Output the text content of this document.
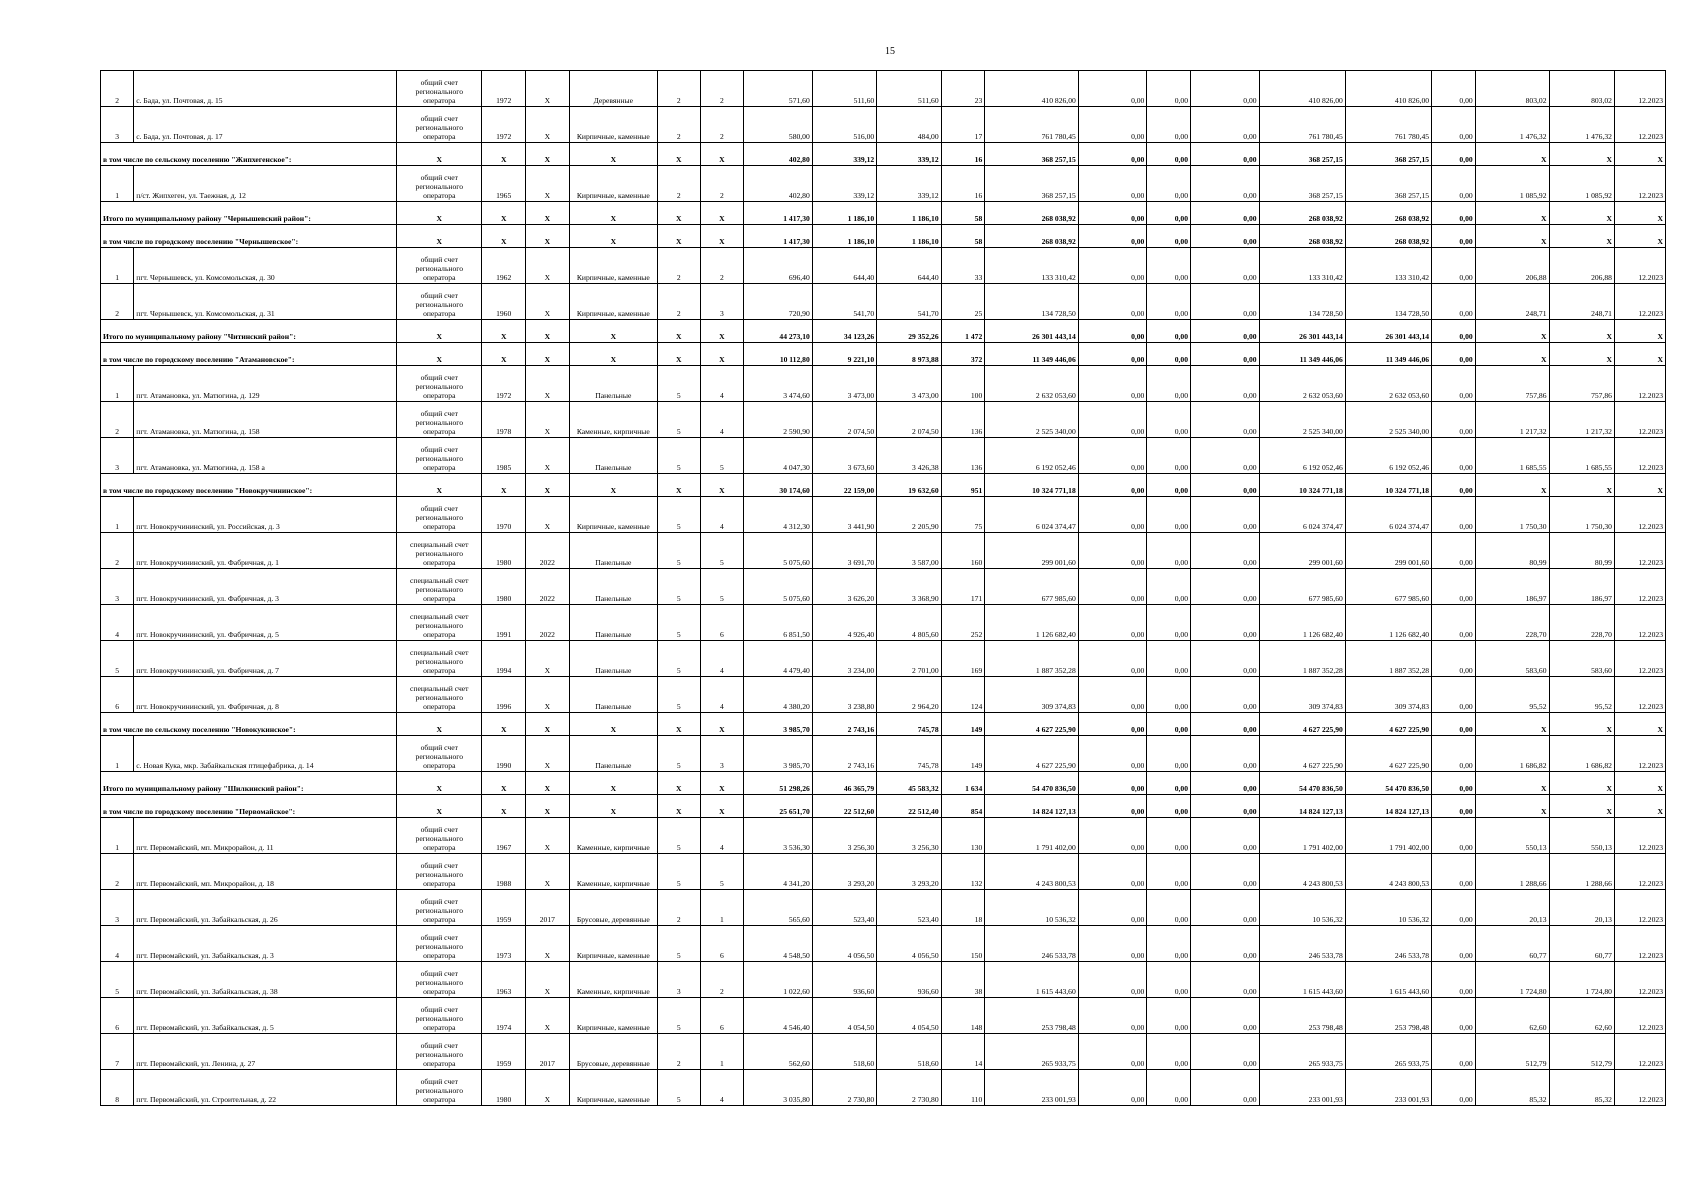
15
2	с. Бада, ул. Почтовая, д. 15	общий счет регионального оператора	1972	Х	Деревянные	2	2	571,60	511,60	511,60	23	410 826,00	0,00	0,00	0,00	410 826,00	410 826,00	0,00	803,02	803,02	12.2023
3	с. Бада, ул. Почтовая, д. 17	общий счет регионального оператора	1972	Х	Кирпичные, каменные	2	2	580,00	516,00	484,00	17	761 780,45	0,00	0,00	0,00	761 780,45	761 780,45	0,00	1 476,32	1 476,32	12.2023
в том числе по сельскому поселению "Жипхегенское":		Х	Х	Х	Х	Х	Х	402,80	339,12	339,12	16	368 257,15	0,00	0,00	0,00	368 257,15	368 257,15	0,00	Х	Х	Х
1	п/ст. Жипхеген, ул. Таежная, д. 12	общий счет регионального оператора	1965	Х	Кирпичные, каменные	2	2	402,80	339,12	339,12	16	368 257,15	0,00	0,00	0,00	368 257,15	368 257,15	0,00	1 085,92	1 085,92	12.2023
Итого по муниципальному району "Чернышевский район":		Х	Х	Х	Х	Х	Х	1 417,30	1 186,10	1 186,10	58	268 038,92	0,00	0,00	0,00	268 038,92	268 038,92	0,00	Х	Х	Х
в том числе по городскому поселению "Чернышевское":		Х	Х	Х	Х	Х	Х	1 417,30	1 186,10	1 186,10	58	268 038,92	0,00	0,00	0,00	268 038,92	268 038,92	0,00	Х	Х	Х
1	пгт. Чернышевск, ул. Комсомольская, д. 30	общий счет регионального оператора	1962	Х	Кирпичные, каменные	2	2	696,40	644,40	644,40	33	133 310,42	0,00	0,00	0,00	133 310,42	133 310,42	0,00	206,88	206,88	12.2023
2	пгт. Чернышевск, ул. Комсомольская, д. 31	общий счет регионального оператора	1960	Х	Кирпичные, каменные	2	3	720,90	541,70	541,70	25	134 728,50	0,00	0,00	0,00	134 728,50	134 728,50	0,00	248,71	248,71	12.2023
Итого по муниципальному району "Читинский район":		Х	Х	Х	Х	Х	Х	44 273,10	34 123,26	29 352,26	1 472	26 301 443,14	0,00	0,00	0,00	26 301 443,14	26 301 443,14	0,00	Х	Х	Х
в том числе по городскому поселению "Атамановское":		Х	Х	Х	Х	Х	Х	10 112,80	9 221,10	8 973,88	372	11 349 446,06	0,00	0,00	0,00	11 349 446,06	11 349 446,06	0,00	Х	Х	Х
1	пгт. Атамановка, ул. Матюгина, д. 129	общий счет регионального оператора	1972	Х	Панельные	5	4	3 474,60	3 473,00	3 473,00	100	2 632 053,60	0,00	0,00	0,00	2 632 053,60	2 632 053,60	0,00	757,86	757,86	12.2023
2	пгт. Атамановка, ул. Матюгина, д. 158	общий счет регионального оператора	1978	Х	Каменные, кирпичные	5	4	2 590,90	2 074,50	2 074,50	136	2 525 340,00	0,00	0,00	0,00	2 525 340,00	2 525 340,00	0,00	1 217,32	1 217,32	12.2023
3	пгт. Атамановка, ул. Матюгина, д. 158 а	общий счет регионального оператора	1985	Х	Панельные	5	5	4 047,30	3 673,60	3 426,38	136	6 192 052,46	0,00	0,00	0,00	6 192 052,46	6 192 052,46	0,00	1 685,55	1 685,55	12.2023
в том числе по городскому поселению "Новокручининское":		Х	Х	Х	Х	Х	Х	30 174,60	22 159,00	19 632,60	951	10 324 771,18	0,00	0,00	0,00	10 324 771,18	10 324 771,18	0,00	Х	Х	Х
1	пгт. Новокручининский, ул. Российская, д. 3	общий счет регионального оператора	1970	Х	Кирпичные, каменные	5	4	4 312,30	3 441,90	2 205,90	75	6 024 374,47	0,00	0,00	0,00	6 024 374,47	6 024 374,47	0,00	1 750,30	1 750,30	12.2023
2	пгт. Новокручининский, ул. Фабричная, д. 1	специальный счет регионального оператора	1980	2022	Панельные	5	5	5 075,60	3 691,70	3 587,00	160	299 001,60	0,00	0,00	0,00	299 001,60	299 001,60	0,00	80,99	80,99	12.2023
3	пгт. Новокручининский, ул. Фабричная, д. 3	специальный счет регионального оператора	1980	2022	Панельные	5	5	5 075,60	3 626,20	3 368,90	171	677 985,60	0,00	0,00	0,00	677 985,60	677 985,60	0,00	186,97	186,97	12.2023
4	пгт. Новокручининский, ул. Фабричная, д. 5	специальный счет регионального оператора	1991	2022	Панельные	5	6	6 851,50	4 926,40	4 805,60	252	1 126 682,40	0,00	0,00	0,00	1 126 682,40	1 126 682,40	0,00	228,70	228,70	12.2023
5	пгт. Новокручининский, ул. Фабричная, д. 7	специальный счет регионального оператора	1994	Х	Панельные	5	4	4 479,40	3 234,00	2 701,00	169	1 887 352,28	0,00	0,00	0,00	1 887 352,28	1 887 352,28	0,00	583,60	583,60	12.2023
6	пгт. Новокручининский, ул. Фабричная, д. 8	специальный счет регионального оператора	1996	Х	Панельные	5	4	4 380,20	3 238,80	2 964,20	124	309 374,83	0,00	0,00	0,00	309 374,83	309 374,83	0,00	95,52	95,52	12.2023
в том числе по сельскому поселению "Новокукинское":		Х	Х	Х	Х	Х	Х	3 985,70	2 743,16	745,78	149	4 627 225,90	0,00	0,00	0,00	4 627 225,90	4 627 225,90	0,00	Х	Х	Х
1	с. Новая Кука, мкр. Забайкальская птицефабрика, д. 14	общий счет регионального оператора	1990	Х	Панельные	5	3	3 985,70	2 743,16	745,78	149	4 627 225,90	0,00	0,00	0,00	4 627 225,90	4 627 225,90	0,00	1 686,82	1 686,82	12.2023
Итого по муниципальному району "Шилкинский район":		Х	Х	Х	Х	Х	Х	51 298,26	46 365,79	45 583,32	1 634	54 470 836,50	0,00	0,00	0,00	54 470 836,50	54 470 836,50	0,00	Х	Х	Х
в том числе по городскому поселению "Первомайское":		Х	Х	Х	Х	Х	Х	25 651,70	22 512,60	22 512,40	854	14 824 127,13	0,00	0,00	0,00	14 824 127,13	14 824 127,13	0,00	Х	Х	Х
1	пгт. Первомайский, мп. Микрорайон, д. 11	общий счет регионального оператора	1967	Х	Каменные, кирпичные	5	4	3 536,30	3 256,30	3 256,30	130	1 791 402,00	0,00	0,00	0,00	1 791 402,00	1 791 402,00	0,00	550,13	550,13	12.2023
2	пгт. Первомайский, мп. Микрорайон, д. 18	общий счет регионального оператора	1988	Х	Каменные, кирпичные	5	5	4 341,20	3 293,20	3 293,20	132	4 243 800,53	0,00	0,00	0,00	4 243 800,53	4 243 800,53	0,00	1 288,66	1 288,66	12.2023
3	пгт. Первомайский, ул. Забайкальская, д. 26	общий счет регионального оператора	1959	2017	Брусовые, деревянные	2	1	565,60	523,40	523,40	18	10 536,32	0,00	0,00	0,00	10 536,32	10 536,32	0,00	20,13	20,13	12.2023
4	пгт. Первомайский, ул. Забайкальская, д. 3	общий счет регионального оператора	1973	Х	Кирпичные, каменные	5	6	4 548,50	4 056,50	4 056,50	150	246 533,78	0,00	0,00	0,00	246 533,78	246 533,78	0,00	60,77	60,77	12.2023
5	пгт. Первомайский, ул. Забайкальская, д. 38	общий счет регионального оператора	1963	Х	Каменные, кирпичные	3	2	1 022,60	936,60	936,60	38	1 615 443,60	0,00	0,00	0,00	1 615 443,60	1 615 443,60	0,00	1 724,80	1 724,80	12.2023
6	пгт. Первомайский, ул. Забайкальская, д. 5	общий счет регионального оператора	1974	Х	Кирпичные, каменные	5	6	4 546,40	4 054,50	4 054,50	148	253 798,48	0,00	0,00	0,00	253 798,48	253 798,48	0,00	62,60	62,60	12.2023
7	пгт. Первомайский, ул. Ленина, д. 27	общий счет регионального оператора	1959	2017	Брусовые, деревянные	2	1	562,60	518,60	518,60	14	265 933,75	0,00	0,00	0,00	265 933,75	265 933,75	0,00	512,79	512,79	12.2023
8	пгт. Первомайский, ул. Строительная, д. 22	общий счет регионального оператора	1980	Х	Кирпичные, каменные	5	4	3 035,80	2 730,80	2 730,80	110	233 001,93	0,00	0,00	0,00	233 001,93	233 001,93	0,00	85,32	85,32	12.2023
